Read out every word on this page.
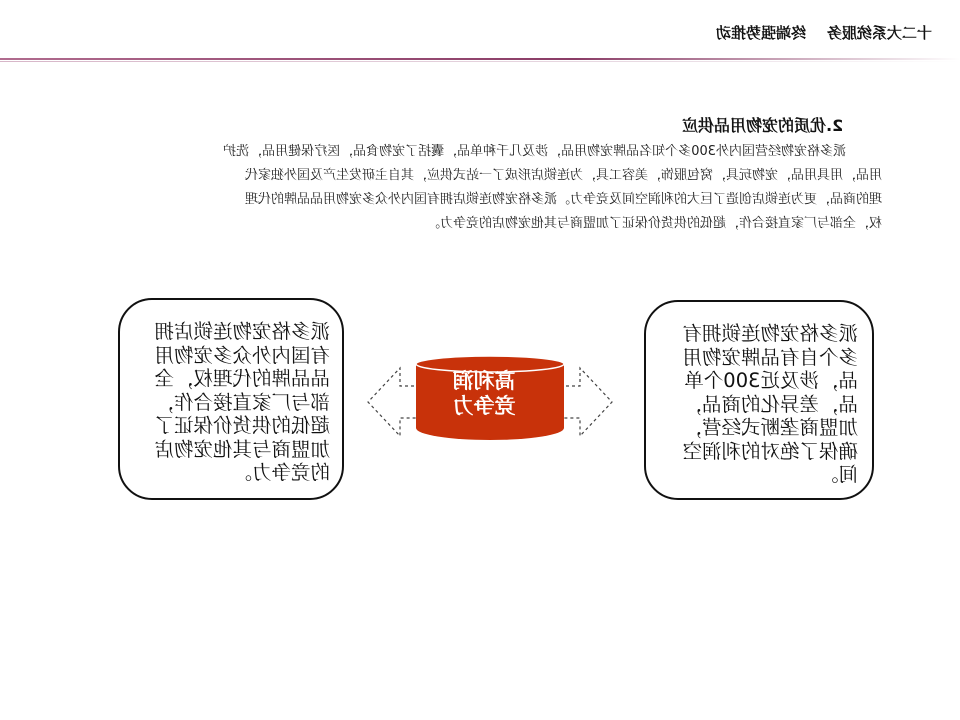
十二大系统服务    终端强势推动
2.优质的宠物用品供应
派多格宠物经营国内外300多个知名品牌宠物用品，涉及几千种单品，囊括了宠物食品，医疗保健用品，洗护
用品，用具用品，宠物玩具，窝包服饰，美容工具，为连锁店形成了一站式供应，其自主研发生产及国外独家代
理的商品，更为连锁店创造了巨大的利润空间及竞争力。派多格宠物连锁店拥有国内外众多宠物用品品牌的代理
权，全部与厂家直接合作，超低的供货价保证了加盟商与其他宠物店的竞争力。
高利润
竞争力
派多格宠物连锁店拥
有国内外众多宠物用
品品牌的代理权，全
部与厂家直接合作，
超低的供货价保证了
加盟商与其他宠物店
的竞争力。
派多格宠物连锁拥有
多个自有品牌宠物用
品，涉及近300个单
品，差异化的商品，
加盟商垄断式经营，
确保了绝对的利润空
间。
